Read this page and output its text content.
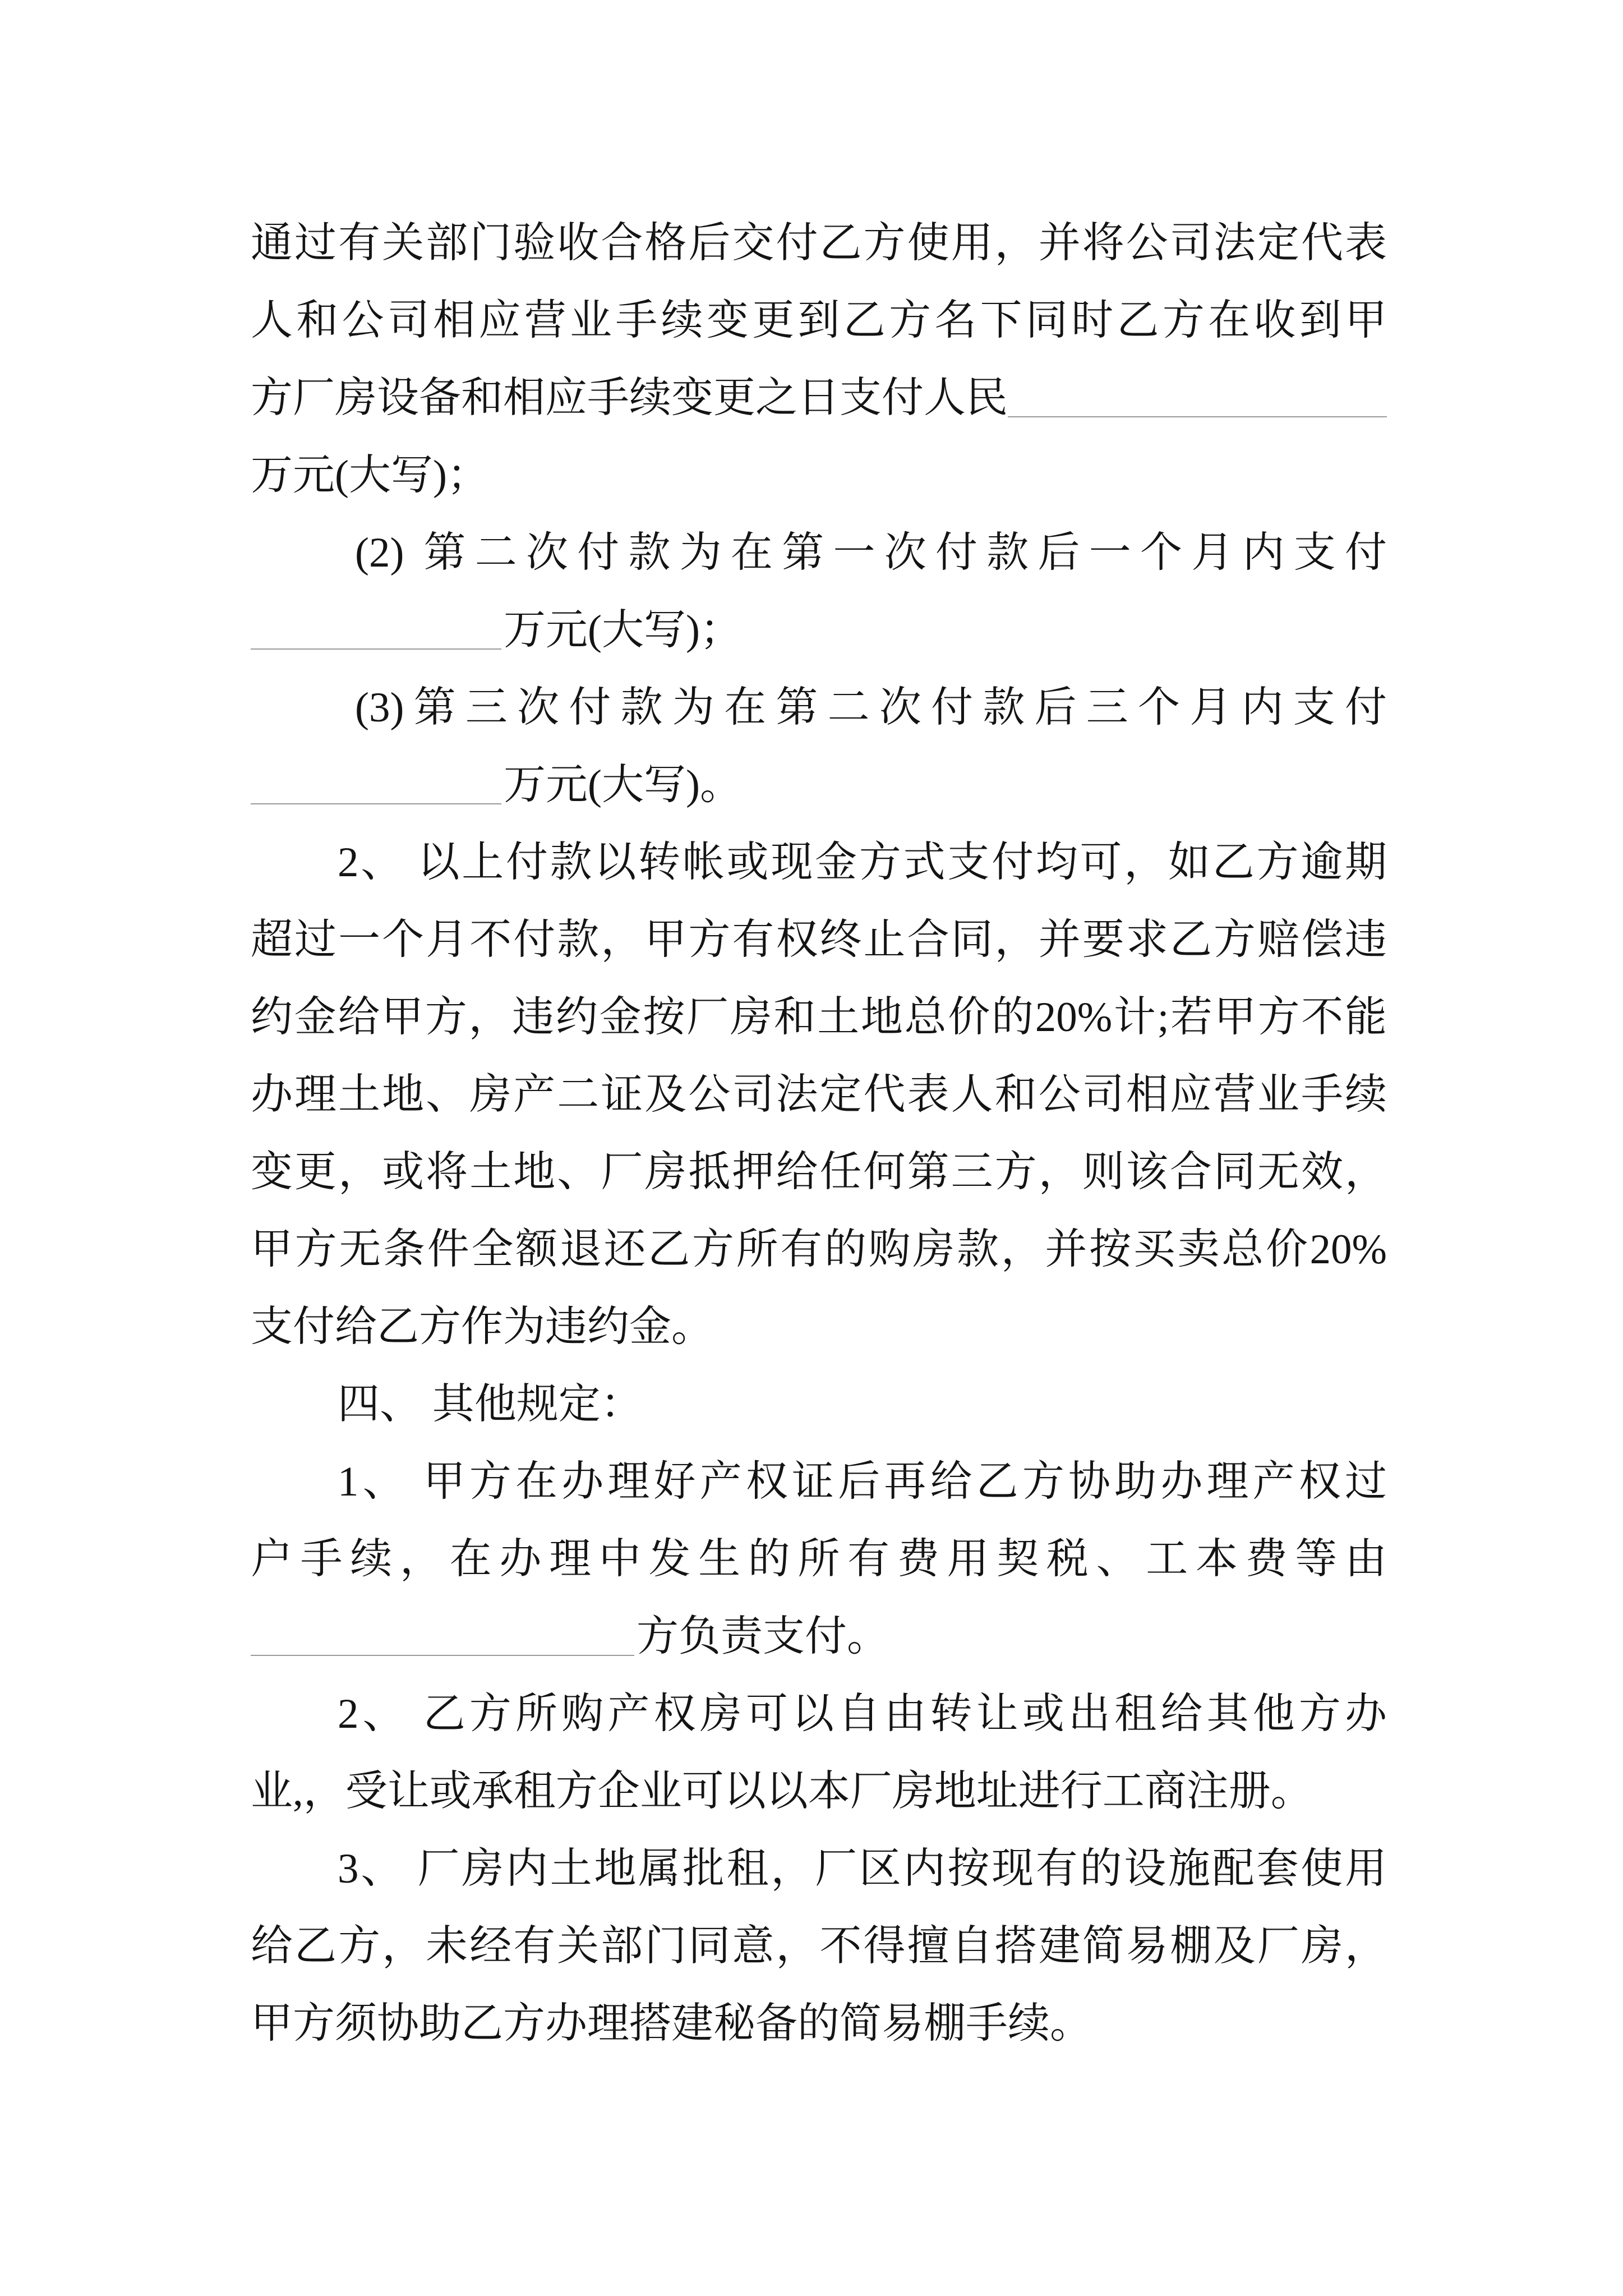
通过有关部门验收合格后交付乙方使用，并将公司法定代表
人和公司相应营业手续变更到乙方名下同时乙方在收到甲
方厂房设备和相应手续变更之日支付人民
万元(大写)；
(2) 第二次付款为在第一次付款后一个月内支付
万元(大写)；
(3)第三次付款为在第二次付款后三个月内支付
万元(大写)。
2、 以上付款以转帐或现金方式支付均可，如乙方逾期
超过一个月不付款，甲方有权终止合同，并要求乙方赔偿违
约金给甲方，违约金按厂房和土地总价的20%计;若甲方不能
办理土地、房产二证及公司法定代表人和公司相应营业手续
变更，或将土地、厂房抵押给任何第三方，则该合同无效，
甲方无条件全额退还乙方所有的购房款，并按买卖总价20%
支付给乙方作为违约金。
四、 其他规定：
1、 甲方在办理好产权证后再给乙方协助办理产权过
户手续，在办理中发生的所有费用契税、工本费等由
方负责支付。
2、 乙方所购产权房可以自由转让或出租给其他方办
业,，受让或承租方企业可以以本厂房地址进行工商注册。
3、 厂房内土地属批租，厂区内按现有的设施配套使用
给乙方，未经有关部门同意，不得擅自搭建简易棚及厂房，
甲方须协助乙方办理搭建秘备的简易棚手续。
